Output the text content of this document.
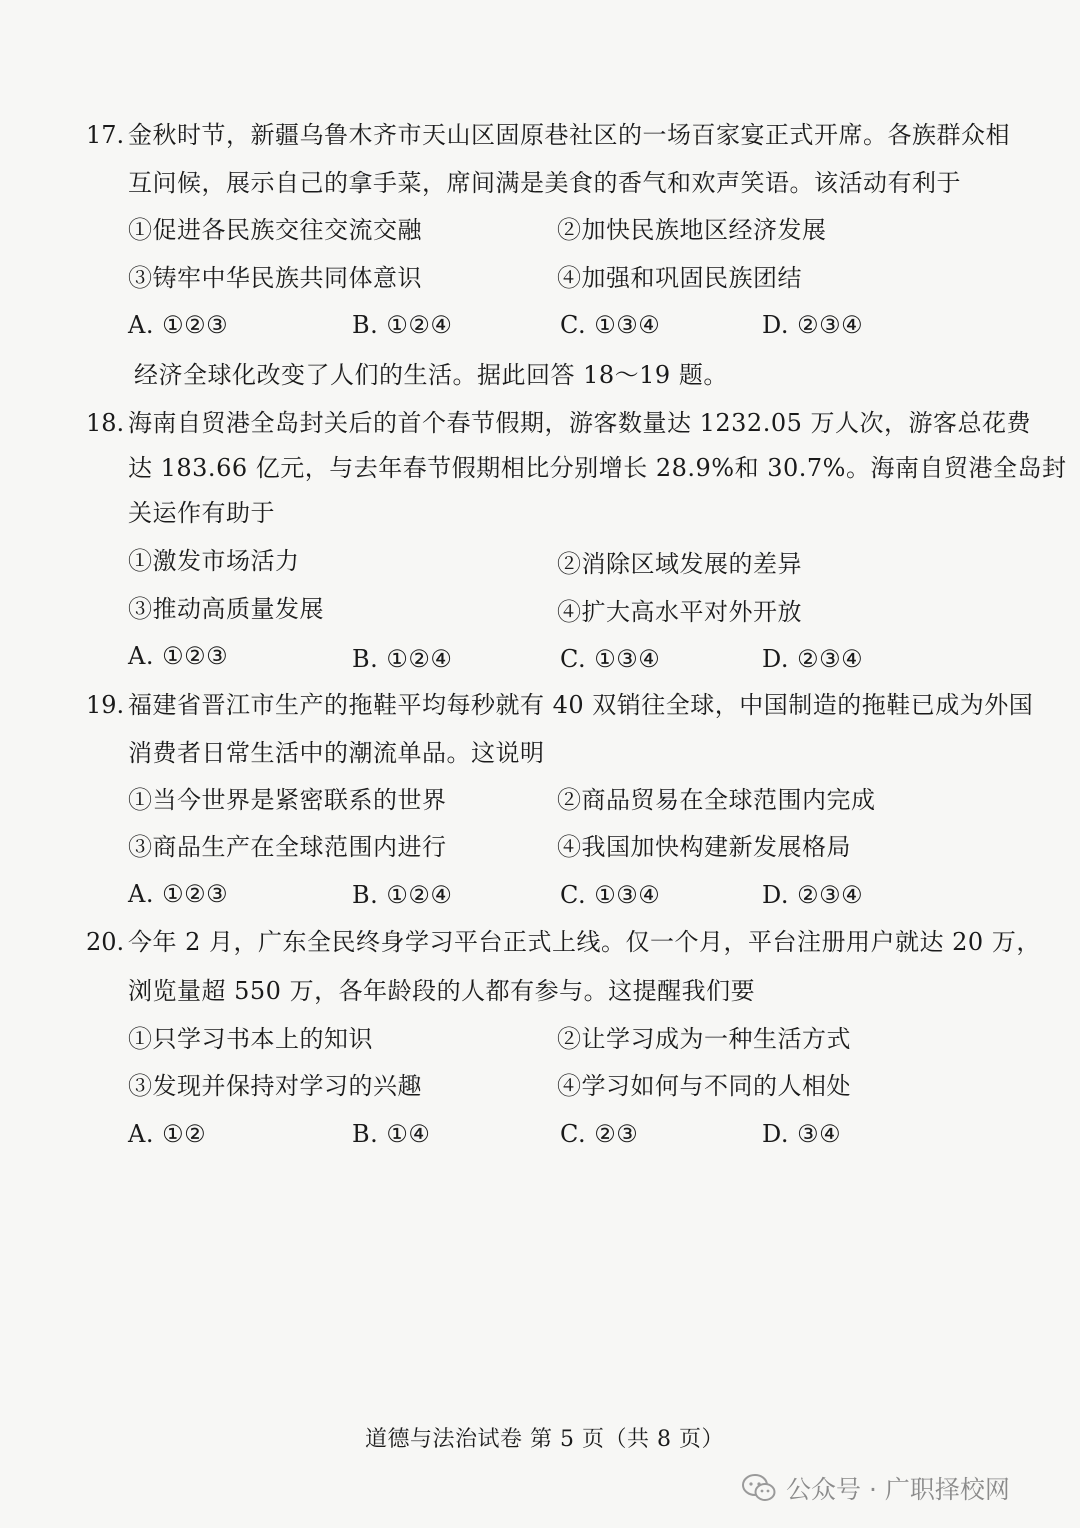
17. 金秋时节，新疆乌鲁木齐市天山区固原巷社区的一场百家宴正式开席。各族群众相
互问候，展示自己的拿手菜，席间满是美食的香气和欢声笑语。该活动有利于
①促进各民族交往交流交融	②加快民族地区经济发展
③铸牢中华民族共同体意识	④加强和巩固民族团结
A. ①②③	B. ①②④	C. ①③④	D. ②③④
经济全球化改变了人们的生活。据此回答 18～19 题。
18. 海南自贸港全岛封关后的首个春节假期，游客数量达 1232.05 万人次，游客总花费
达 183.66 亿元，与去年春节假期相比分别增长 28.9%和 30.7%。海南自贸港全岛封
关运作有助于
①激发市场活力	②消除区域发展的差异
③推动高质量发展	④扩大高水平对外开放
A. ①②③	B. ①②④	C. ①③④	D. ②③④
19. 福建省晋江市生产的拖鞋平均每秒就有 40 双销往全球，中国制造的拖鞋已成为外国
消费者日常生活中的潮流单品。这说明
①当今世界是紧密联系的世界	②商品贸易在全球范围内完成
③商品生产在全球范围内进行	④我国加快构建新发展格局
A. ①②③	B. ①②④	C. ①③④	D. ②③④
20. 今年 2 月，广东全民终身学习平台正式上线。仅一个月，平台注册用户就达 20 万，
浏览量超 550 万，各年龄段的人都有参与。这提醒我们要
①只学习书本上的知识	②让学习成为一种生活方式
③发现并保持对学习的兴趣	④学习如何与不同的人相处
A. ①②	B. ①④	C. ②③	D. ③④
道德与法治试卷 第 5 页（共 8 页）
公众号 · 广职择校网
